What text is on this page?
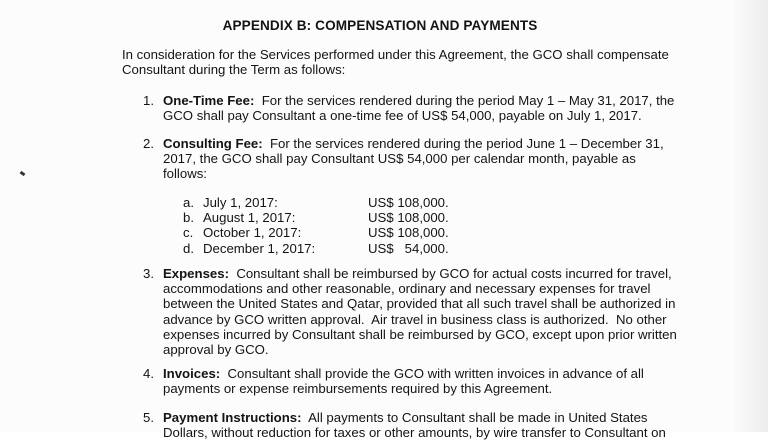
APPENDIX B: COMPENSATION AND PAYMENTS

In consideration for the Services performed under this Agreement, the GCO shall compensate

Consultant during the Term as follows:

1. One-Time Fee: For the services rendered during the period May 1 – May 31, 2017, the

GCO shall pay Consultant a one-time fee of US$ 54,000, payable on July 1, 2017.

2. Consulting Fee: For the services rendered during the period June 1 – December 31,

2017, the GCO shall pay Consultant US$ 54,000 per calendar month, payable as

follows:

a. July 1, 2017:	US$ 108,000.
b. August 1, 2017:	US$ 108,000.
c. October 1, 2017:	US$ 108,000.
d. December 1, 2017:	US$   54,000.
3. Expenses: Consultant shall be reimbursed by GCO for actual costs incurred for travel,

accommodations and other reasonable, ordinary and necessary expenses for travel

between the United States and Qatar, provided that all such travel shall be authorized in

advance by GCO written approval.  Air travel in business class is authorized.  No other

expenses incurred by Consultant shall be reimbursed by GCO, except upon prior written

approval by GCO.

4. Invoices: Consultant shall provide the GCO with written invoices in advance of all

payments or expense reimbursements required by this Agreement.

5. Payment Instructions: All payments to Consultant shall be made in United States

Dollars, without reduction for taxes or other amounts, by wire transfer to Consultant on
